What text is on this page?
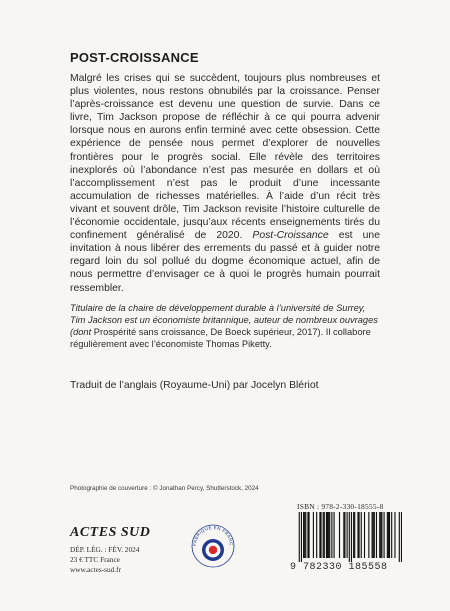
POST-CROISSANCE

Malgré les crises qui se succèdent, toujours plus nombreuses et plus violentes, nous restons obnubilés par la croissance. Penser l’après-croissance est devenu une question de survie. Dans ce livre, Tim Jackson propose de réfléchir à ce qui pourra advenir lorsque nous en aurons enfin terminé avec cette obsession. Cette expérience de pensée nous permet d’explorer de nouvelles frontières pour le progrès social. Elle révèle des territoires inexplorés où l’abondance n’est pas mesurée en dollars et où l’accomplissement n’est pas le produit d’une incessante accumulation de richesses matérielles. À l’aide d’un récit très vivant et souvent drôle, Tim Jackson revisite l’histoire culturelle de l’économie occidentale, jusqu’aux récents enseignements tirés du confinement généralisé de 2020. Post-Croissance est une invitation à nous libérer des errements du passé et à guider notre regard loin du sol pollué du dogme économique actuel, afin de nous permettre d’envisager ce à quoi le progrès humain pourrait ressembler.

Titulaire de la chaire de développement durable à l’université de Surrey, Tim Jackson est un économiste britannique, auteur de nombreux ouvrages (dont Prospérité sans croissance, De Boeck supérieur, 2017). Il collabore régulièrement avec l’économiste Thomas Piketty.

Traduit de l’anglais (Royaume-Uni) par Jocelyn Blériot

Photographie de couverture : © Jonathan Percy, Shutterstock, 2024
ISBN : 978-2-330-18555-8
ACTES SUD
DÉP. LÉG. : FÉV. 2024
23 € TTC France
www.actes-sud.fr
FABRIQUÉ EN FRANC
9 782330 185558
